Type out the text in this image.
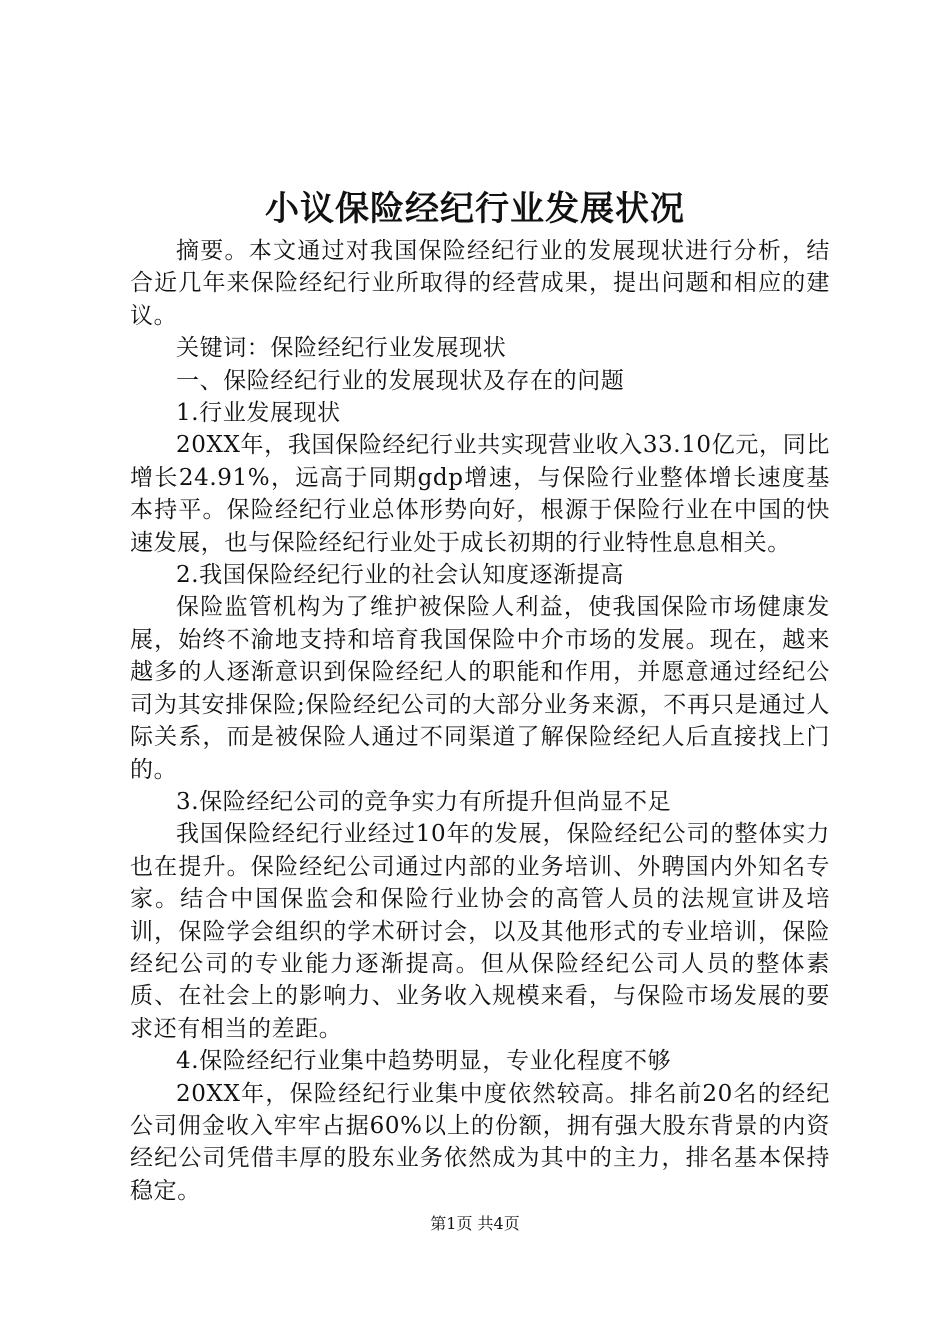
小议保险经纪行业发展状况

摘要。本文通过对我国保险经纪行业的发展现状进行分析，结合近几年来保险经纪行业所取得的经营成果，提出问题和相应的建议。

关键词：保险经纪行业发展现状

一、保险经纪行业的发展现状及存在的问题

1.行业发展现状

20XX年，我国保险经纪行业共实现营业收入33.10亿元，同比增长24.91%，远高于同期gdp增速，与保险行业整体增长速度基本持平。保险经纪行业总体形势向好，根源于保险行业在中国的快速发展，也与保险经纪行业处于成长初期的行业特性息息相关。

2.我国保险经纪行业的社会认知度逐渐提高

保险监管机构为了维护被保险人利益，使我国保险市场健康发展，始终不渝地支持和培育我国保险中介市场的发展。现在，越来越多的人逐渐意识到保险经纪人的职能和作用，并愿意通过经纪公司为其安排保险;保险经纪公司的大部分业务来源，不再只是通过人际关系，而是被保险人通过不同渠道了解保险经纪人后直接找上门的。

3.保险经纪公司的竞争实力有所提升但尚显不足

我国保险经纪行业经过10年的发展，保险经纪公司的整体实力也在提升。保险经纪公司通过内部的业务培训、外聘国内外知名专家。结合中国保监会和保险行业协会的高管人员的法规宣讲及培训，保险学会组织的学术研讨会，以及其他形式的专业培训，保险经纪公司的专业能力逐渐提高。但从保险经纪公司人员的整体素质、在社会上的影响力、业务收入规模来看，与保险市场发展的要求还有相当的差距。

4.保险经纪行业集中趋势明显，专业化程度不够

20XX年，保险经纪行业集中度依然较高。排名前20名的经纪公司佣金收入牢牢占据60%以上的份额，拥有强大股东背景的内资经纪公司凭借丰厚的股东业务依然成为其中的主力，排名基本保持稳定。

第1页 共4页
